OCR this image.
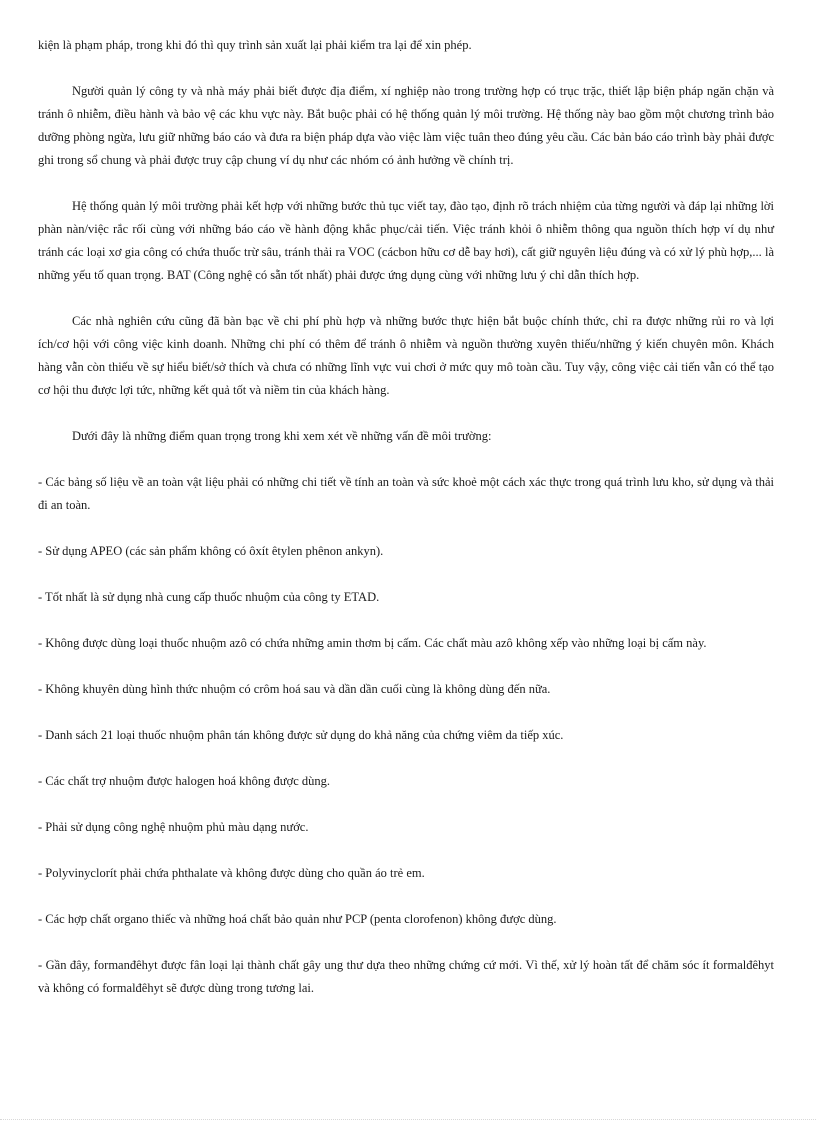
kiện là phạm pháp, trong khi đó thì quy trình sản xuất lại phải kiểm tra lại để xin phép.

Người quản lý công ty và nhà máy phải biết được địa điểm, xí nghiệp nào trong trường hợp có trục trặc, thiết lập biện pháp ngăn chặn và tránh ô nhiễm, điều hành và bảo vệ các khu vực này. Bắt buộc phải có hệ thống quản lý môi trường. Hệ thống này bao gồm một chương trình bảo dưỡng phòng ngừa, lưu giữ những báo cáo và đưa ra biện pháp dựa vào việc làm việc tuân theo đúng yêu cầu. Các bản báo cáo trình bày phải được ghi trong sổ chung và phải được truy cập chung ví dụ như các nhóm có ảnh hưởng về chính trị.

Hệ thống quản lý môi trường phải kết hợp với những bước thủ tục viết tay, đào tạo, định rõ trách nhiệm của từng người và đáp lại những lời phàn nàn/việc rắc rối cùng với những báo cáo về hành động khắc phục/cải tiến. Việc tránh khỏi ô nhiễm thông qua nguồn thích hợp ví dụ như tránh các loại xơ gia công có chứa thuốc trừ sâu, tránh thải ra VOC (cácbon hữu cơ dễ bay hơi), cất giữ nguyên liệu đúng và có xử lý phù hợp,... là những yếu tố quan trọng. BAT (Công nghệ có sẵn tốt nhất) phải được ứng dụng cùng với những lưu ý chỉ dẫn thích hợp.

Các nhà nghiên cứu cũng đã bàn bạc về chi phí phù hợp và những bước thực hiện bắt buộc chính thức, chỉ ra được những rủi ro và lợi ích/cơ hội với công việc kinh doanh. Những chi phí có thêm để tránh ô nhiễm và nguồn thường xuyên thiếu/những ý kiến chuyên môn. Khách hàng vẫn còn thiếu về sự hiểu biết/sở thích và chưa có những lĩnh vực vui chơi ở mức quy mô toàn cầu. Tuy vậy, công việc cải tiến vẫn có thể tạo cơ hội thu được lợi tức, những kết quả tốt và niềm tin của khách hàng.

Dưới đây là những điểm quan trọng trong khi xem xét về những vấn đề môi trường:

- Các bảng số liệu về an toàn vật liệu phải có những chi tiết về tính an toàn và sức khoẻ một cách xác thực trong quá trình lưu kho, sử dụng và thải đi an toàn.

- Sử dụng APEO (các sản phẩm không có ôxít êtylen phênon ankyn).

- Tốt nhất là sử dụng nhà cung cấp thuốc nhuộm của công ty ETAD.

- Không được dùng loại thuốc nhuộm azô có chứa những amin thơm bị cấm. Các chất màu azô không xếp vào những loại bị cấm này.

- Không khuyên dùng hình thức nhuộm có crôm hoá sau và dần dần cuối cùng là không dùng đến nữa.

- Danh sách 21 loại thuốc nhuộm phân tán không được sử dụng do khả năng của chứng viêm da tiếp xúc.

- Các chất trợ nhuộm được halogen hoá không được dùng.

- Phải sử dụng công nghệ nhuộm phủ màu dạng nước.

- Polyvinyclorít phải chứa phthalate và không được dùng cho quần áo trẻ em.

- Các hợp chất organo thiếc và những hoá chất bảo quản như PCP (penta clorofenon) không được dùng.

- Gần đây, formanđêhyt được fân loại lại thành chất gây ung thư dựa theo những chứng cứ mới. Vì thế, xử lý hoàn tất để chăm sóc ít formalđêhyt và không có formalđêhyt sẽ được dùng trong tương lai.
